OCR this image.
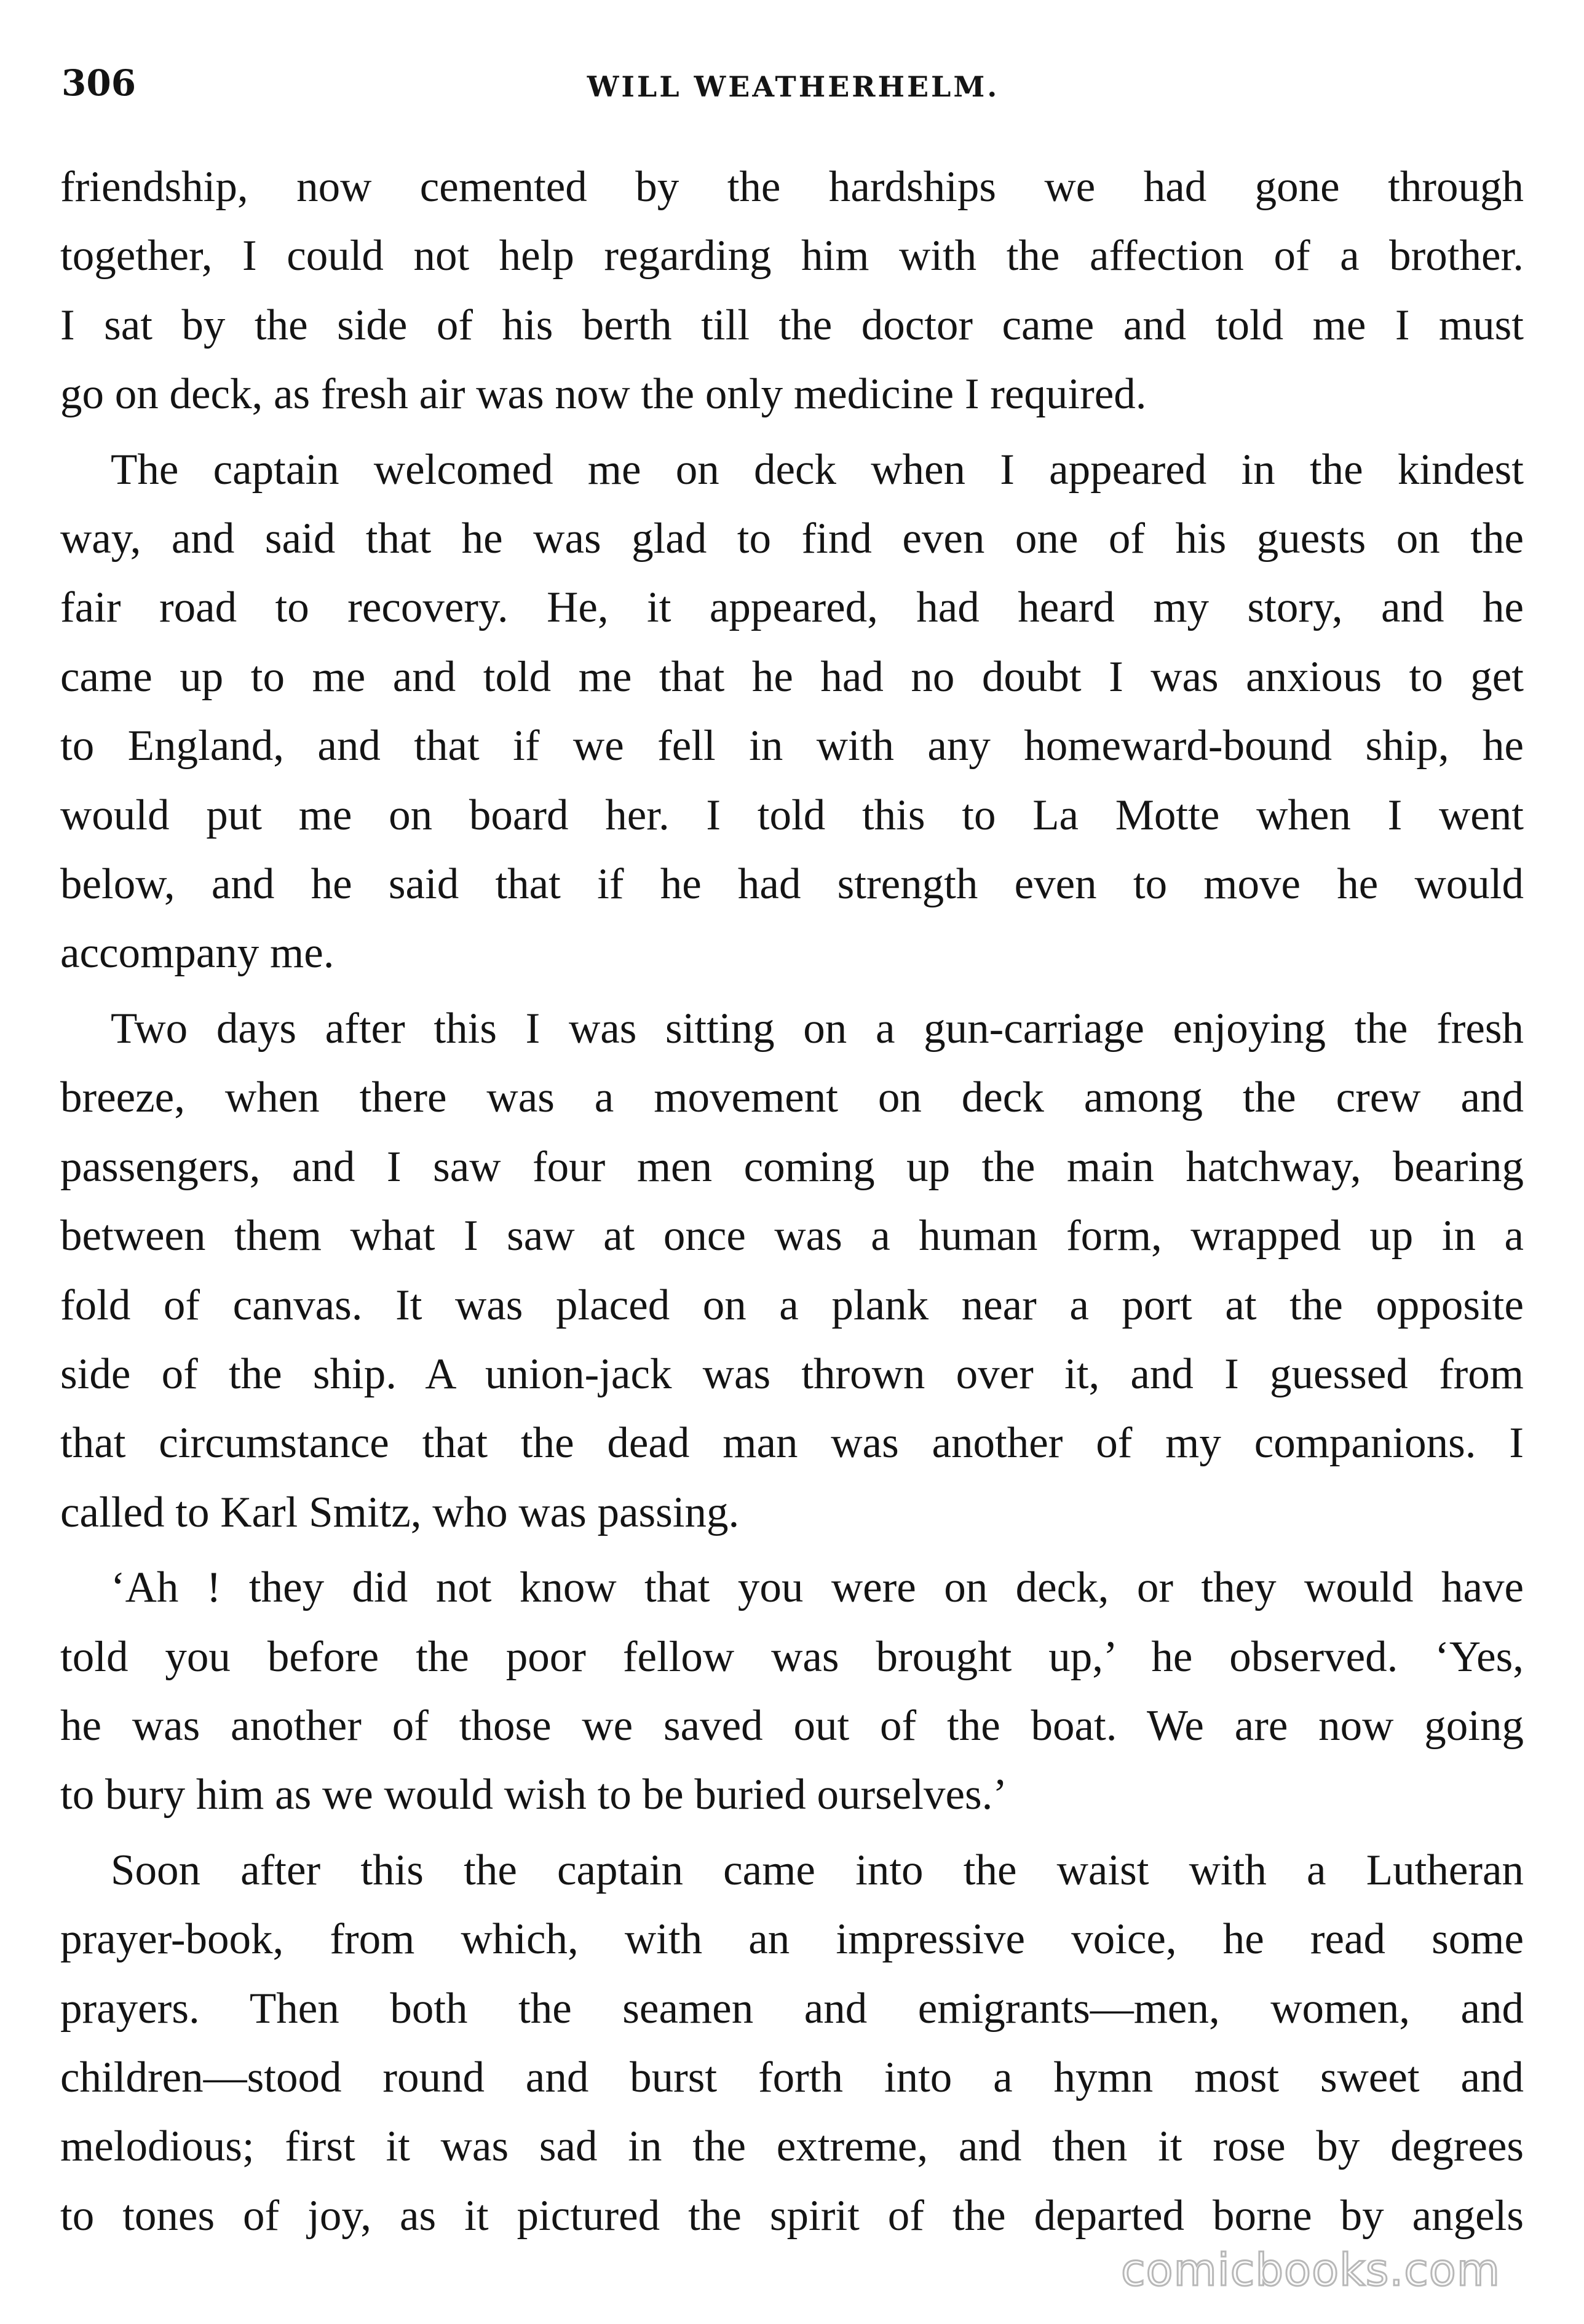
306	WILL WEATHERHELM.

friendship, now cemented by the hardships we had gone through
together, I could not help regarding him with the affection of a brother.
I sat by the side of his berth till the doctor came and told me I must
go on deck, as fresh air was now the only medicine I required.

The captain welcomed me on deck when I appeared in the kindest
way, and said that he was glad to find even one of his guests on the
fair road to recovery. He, it appeared, had heard my story, and he
came up to me and told me that he had no doubt I was anxious to get
to England, and that if we fell in with any homeward-bound ship, he
would put me on board her. I told this to La Motte when I went
below, and he said that if he had strength even to move he would
accompany me.

Two days after this I was sitting on a gun-carriage enjoying the fresh
breeze, when there was a movement on deck among the crew and
passengers, and I saw four men coming up the main hatchway, bearing
between them what I saw at once was a human form, wrapped up in a
fold of canvas. It was placed on a plank near a port at the opposite
side of the ship. A union-jack was thrown over it, and I guessed from
that circumstance that the dead man was another of my companions. I
called to Karl Smitz, who was passing.

‘Ah ! they did not know that you were on deck, or they would have
told you before the poor fellow was brought up,’ he observed. ‘Yes,
he was another of those we saved out of the boat. We are now going
to bury him as we would wish to be buried ourselves.’

Soon after this the captain came into the waist with a Lutheran
prayer-book, from which, with an impressive voice, he read some
prayers. Then both the seamen and emigrants—men, women, and
children—stood round and burst forth into a hymn most sweet and
melodious; first it was sad in the extreme, and then it rose by degrees
to tones of joy, as it pictured the spirit of the departed borne by angels

comicbooks.com
